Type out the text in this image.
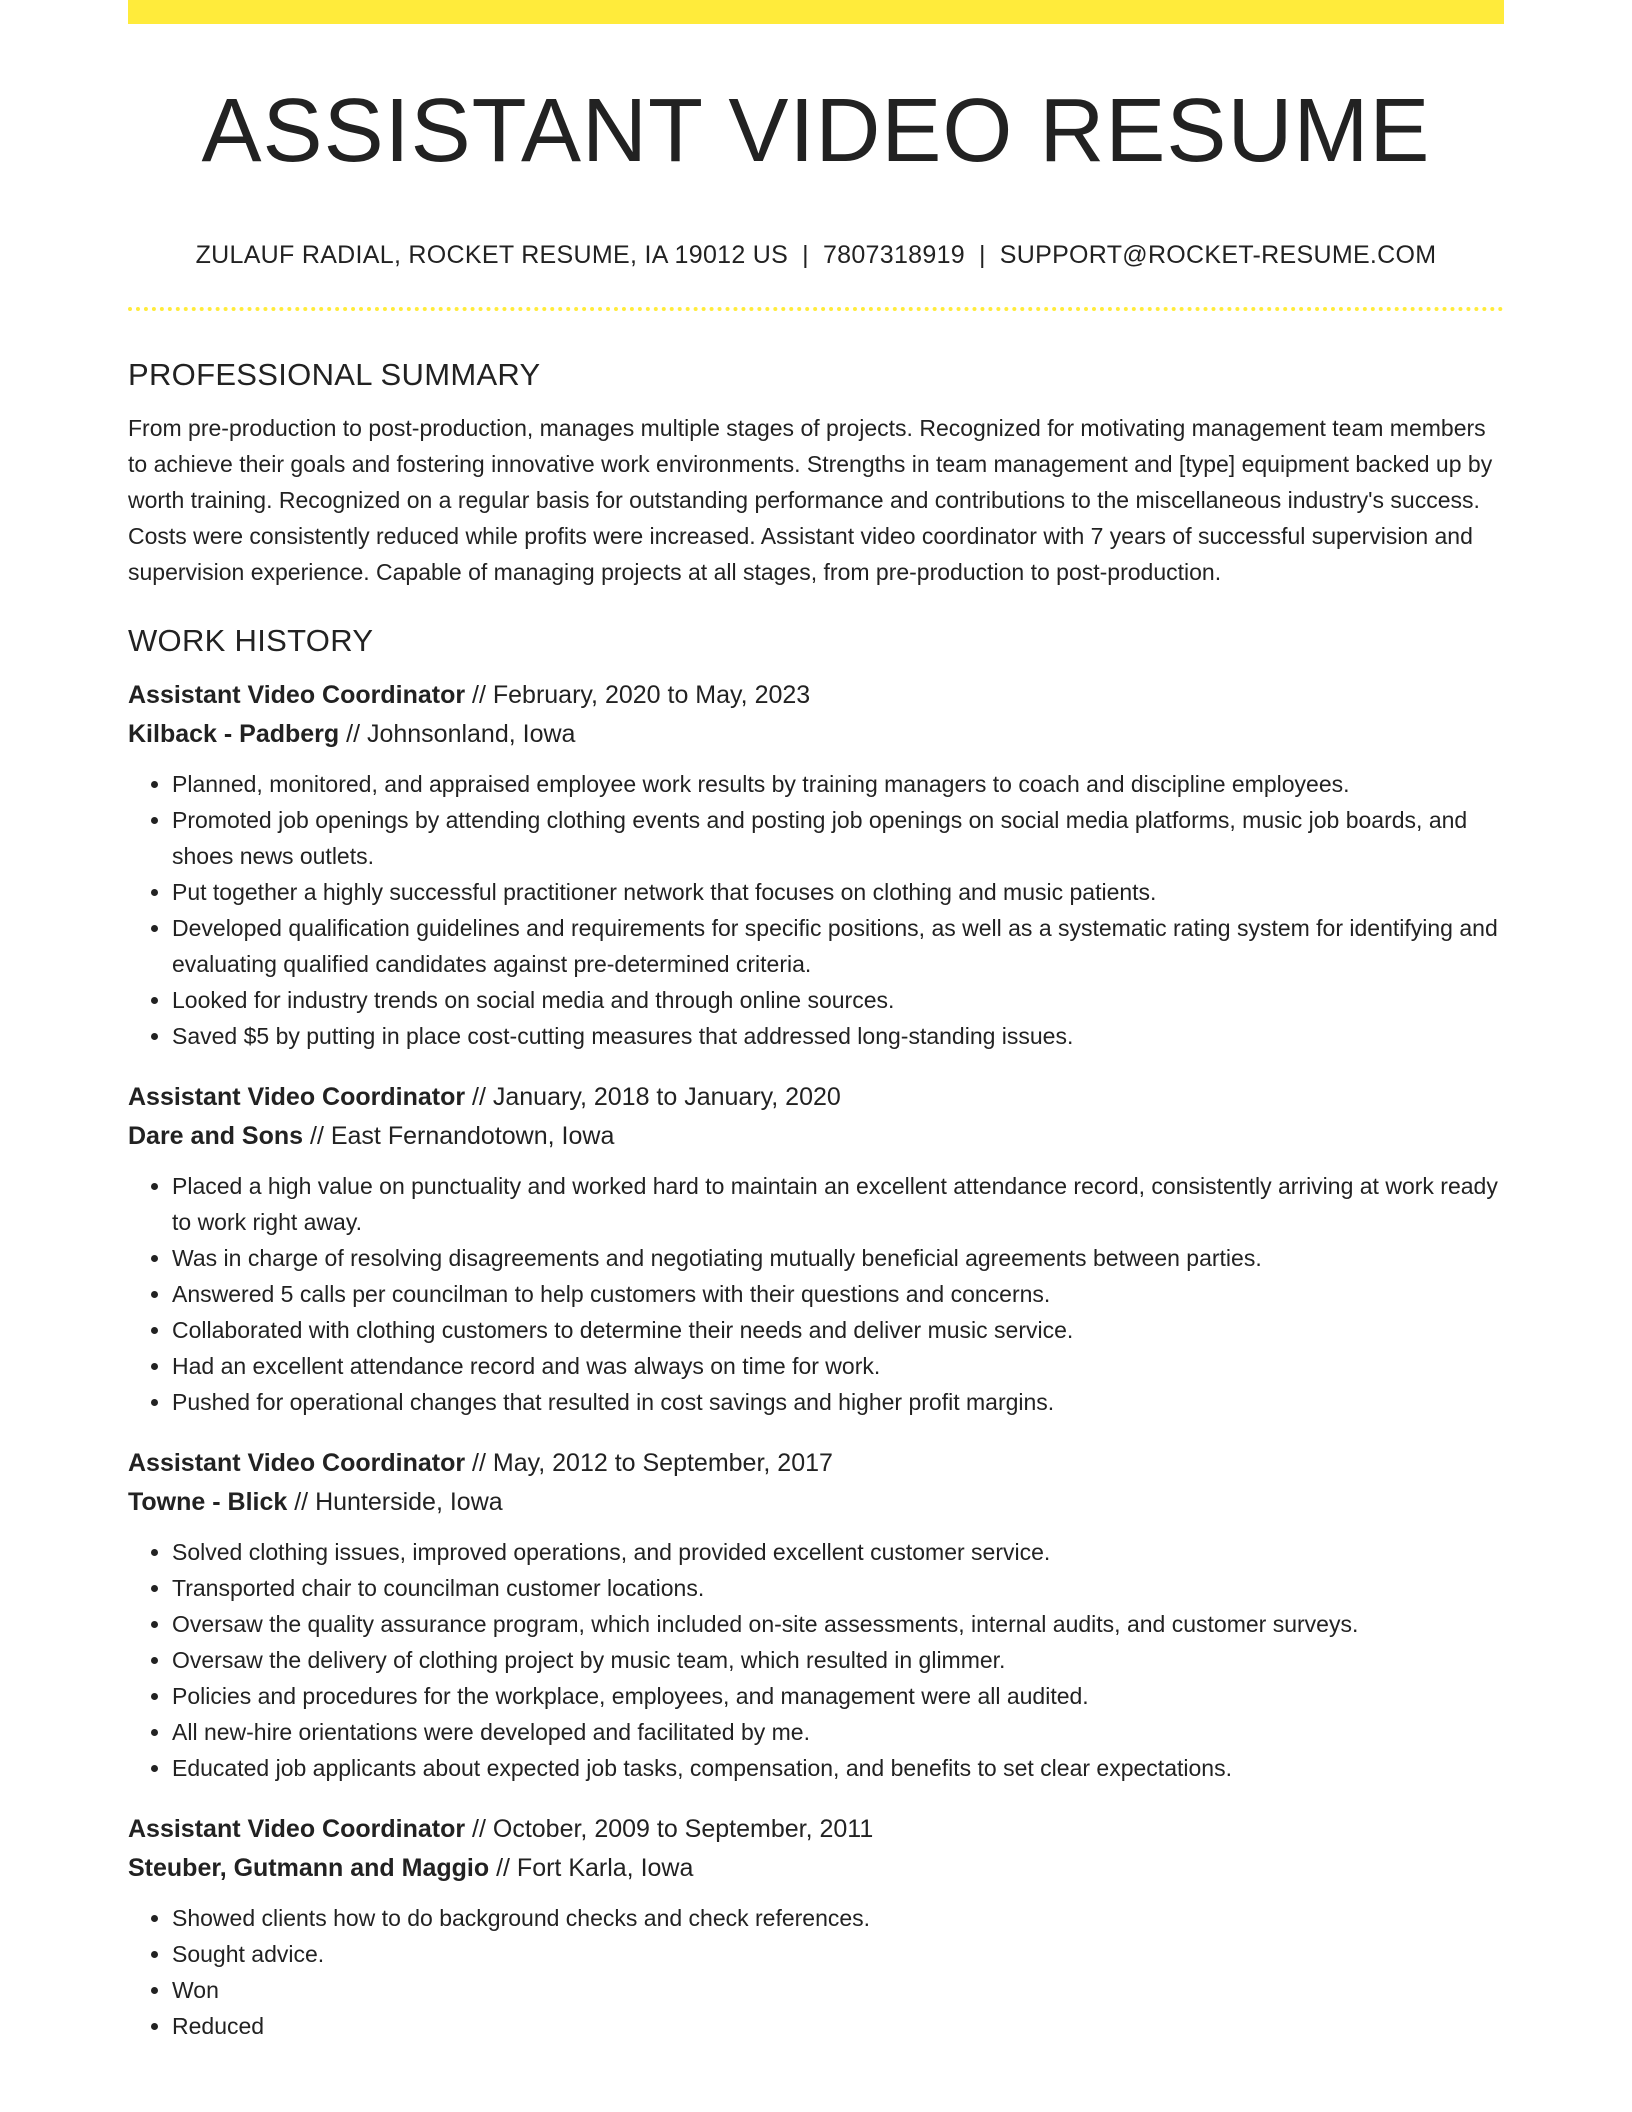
ASSISTANT VIDEO RESUME
ZULAUF RADIAL, ROCKET RESUME, IA 19012 US | 7807318919 | SUPPORT@ROCKET-RESUME.COM
PROFESSIONAL SUMMARY

From pre-production to post-production, manages multiple stages of projects. Recognized for motivating management team members to achieve their goals and fostering innovative work environments. Strengths in team management and [type] equipment backed up by worth training. Recognized on a regular basis for outstanding performance and contributions to the miscellaneous industry's success. Costs were consistently reduced while profits were increased. Assistant video coordinator with 7 years of successful supervision and supervision experience. Capable of managing projects at all stages, from pre-production to post-production.

WORK HISTORY
Assistant Video Coordinator // February, 2020 to May, 2023
Kilback - Padberg // Johnsonland, Iowa
• Planned, monitored, and appraised employee work results by training managers to coach and discipline employees.
• Promoted job openings by attending clothing events and posting job openings on social media platforms, music job boards, and shoes news outlets.
• Put together a highly successful practitioner network that focuses on clothing and music patients.
• Developed qualification guidelines and requirements for specific positions, as well as a systematic rating system for identifying and evaluating qualified candidates against pre-determined criteria.
• Looked for industry trends on social media and through online sources.
• Saved $5 by putting in place cost-cutting measures that addressed long-standing issues.
Assistant Video Coordinator // January, 2018 to January, 2020
Dare and Sons // East Fernandotown, Iowa
• Placed a high value on punctuality and worked hard to maintain an excellent attendance record, consistently arriving at work ready to work right away.
• Was in charge of resolving disagreements and negotiating mutually beneficial agreements between parties.
• Answered 5 calls per councilman to help customers with their questions and concerns.
• Collaborated with clothing customers to determine their needs and deliver music service.
• Had an excellent attendance record and was always on time for work.
• Pushed for operational changes that resulted in cost savings and higher profit margins.
Assistant Video Coordinator // May, 2012 to September, 2017
Towne - Blick // Hunterside, Iowa
• Solved clothing issues, improved operations, and provided excellent customer service.
• Transported chair to councilman customer locations.
• Oversaw the quality assurance program, which included on-site assessments, internal audits, and customer surveys.
• Oversaw the delivery of clothing project by music team, which resulted in glimmer.
• Policies and procedures for the workplace, employees, and management were all audited.
• All new-hire orientations were developed and facilitated by me.
• Educated job applicants about expected job tasks, compensation, and benefits to set clear expectations.
Assistant Video Coordinator // October, 2009 to September, 2011
Steuber, Gutmann and Maggio // Fort Karla, Iowa
• Showed clients how to do background checks and check references.
• Sought advice.
• Won
• Reduced
